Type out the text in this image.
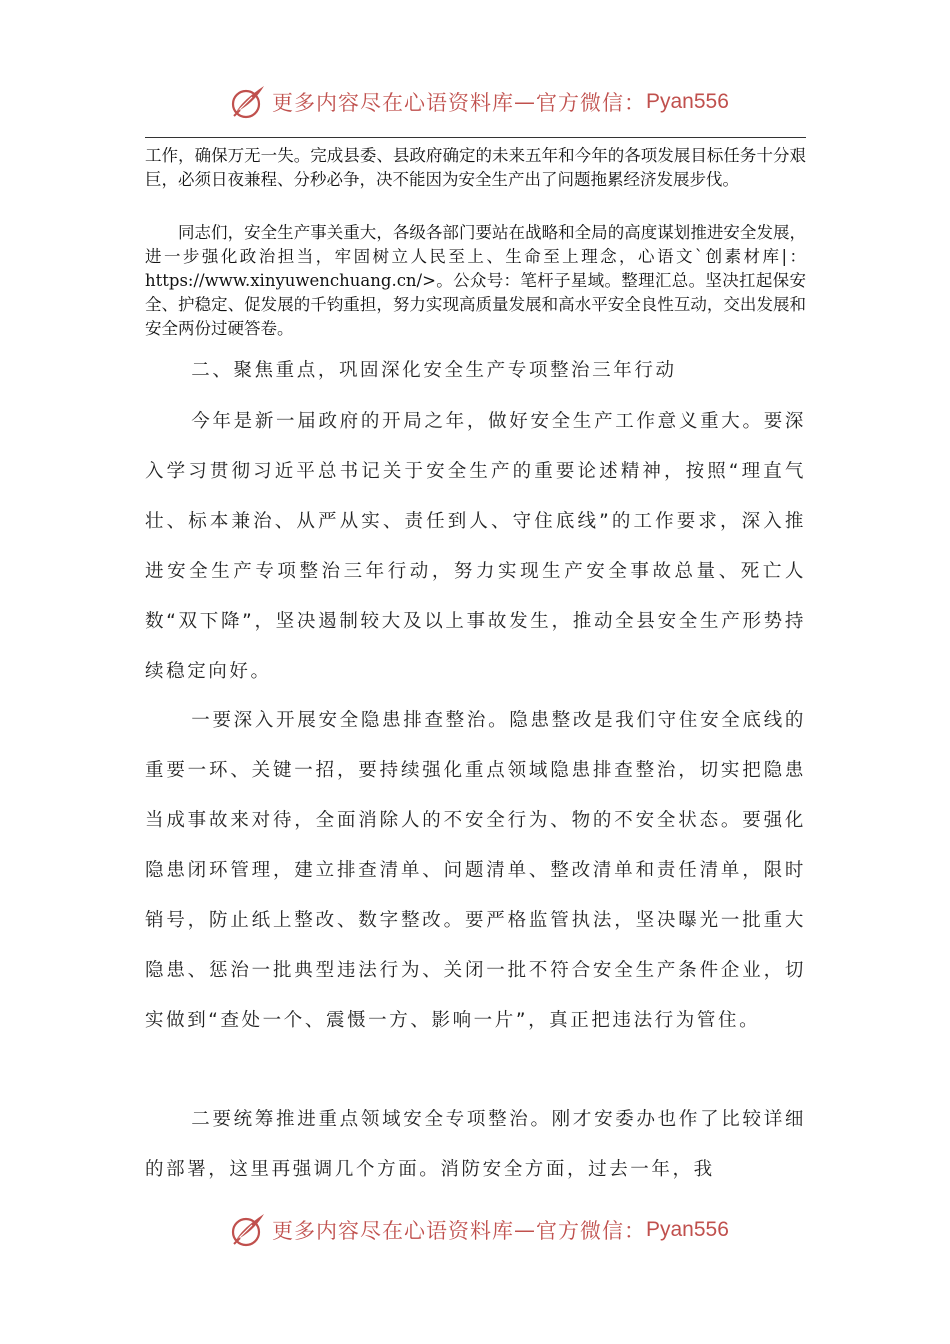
更多内容尽在心语资料库 — 官方微信： Pyan556

工作，确保万无一失。完成县委、县政府确定的未来五年和今年的各项发展目标任务十分艰巨，必须日夜兼程、分秒必争，决不能因为安全生产出了问题拖累经济发展步伐。

同志们，安全生产事关重大，各级各部门要站在战略和全局的高度谋划推进安全发展，进一步强化政治担当，牢固树立人民至上、生命至上理念，心语文`创素材库|：https://www.xinyuwenchuang.cn/>。公众号：笔杆子星域。整理汇总。坚决扛起保安全、护稳定、促发展的千钧重担，努力实现高质量发展和高水平安全良性互动，交出发展和安全两份过硬答卷。

二、聚焦重点，巩固深化安全生产专项整治三年行动

今年是新一届政府的开局之年，做好安全生产工作意义重大。要深入学习贯彻习近平总书记关于安全生产的重要论述精神，按照“理直气壮、标本兼治、从严从实、责任到人、守住底线”的工作要求，深入推进安全生产专项整治三年行动，努力实现生产安全事故总量、死亡人数“双下降”，坚决遏制较大及以上事故发生，推动全县安全生产形势持续稳定向好。

一要深入开展安全隐患排查整治。隐患整改是我们守住安全底线的重要一环、关键一招，要持续强化重点领域隐患排查整治，切实把隐患当成事故来对待，全面消除人的不安全行为、物的不安全状态。要强化隐患闭环管理，建立排查清单、问题清单、整改清单和责任清单，限时销号，防止纸上整改、数字整改。要严格监管执法，坚决曝光一批重大隐患、惩治一批典型违法行为、关闭一批不符合安全生产条件企业，切实做到“查处一个、震慑一方、影响一片”，真正把违法行为管住。

二要统筹推进重点领域安全专项整治。刚才安委办也作了比较详细的部署，这里再强调几个方面。消防安全方面，过去一年，我

更多内容尽在心语资料库 — 官方微信： Pyan556
